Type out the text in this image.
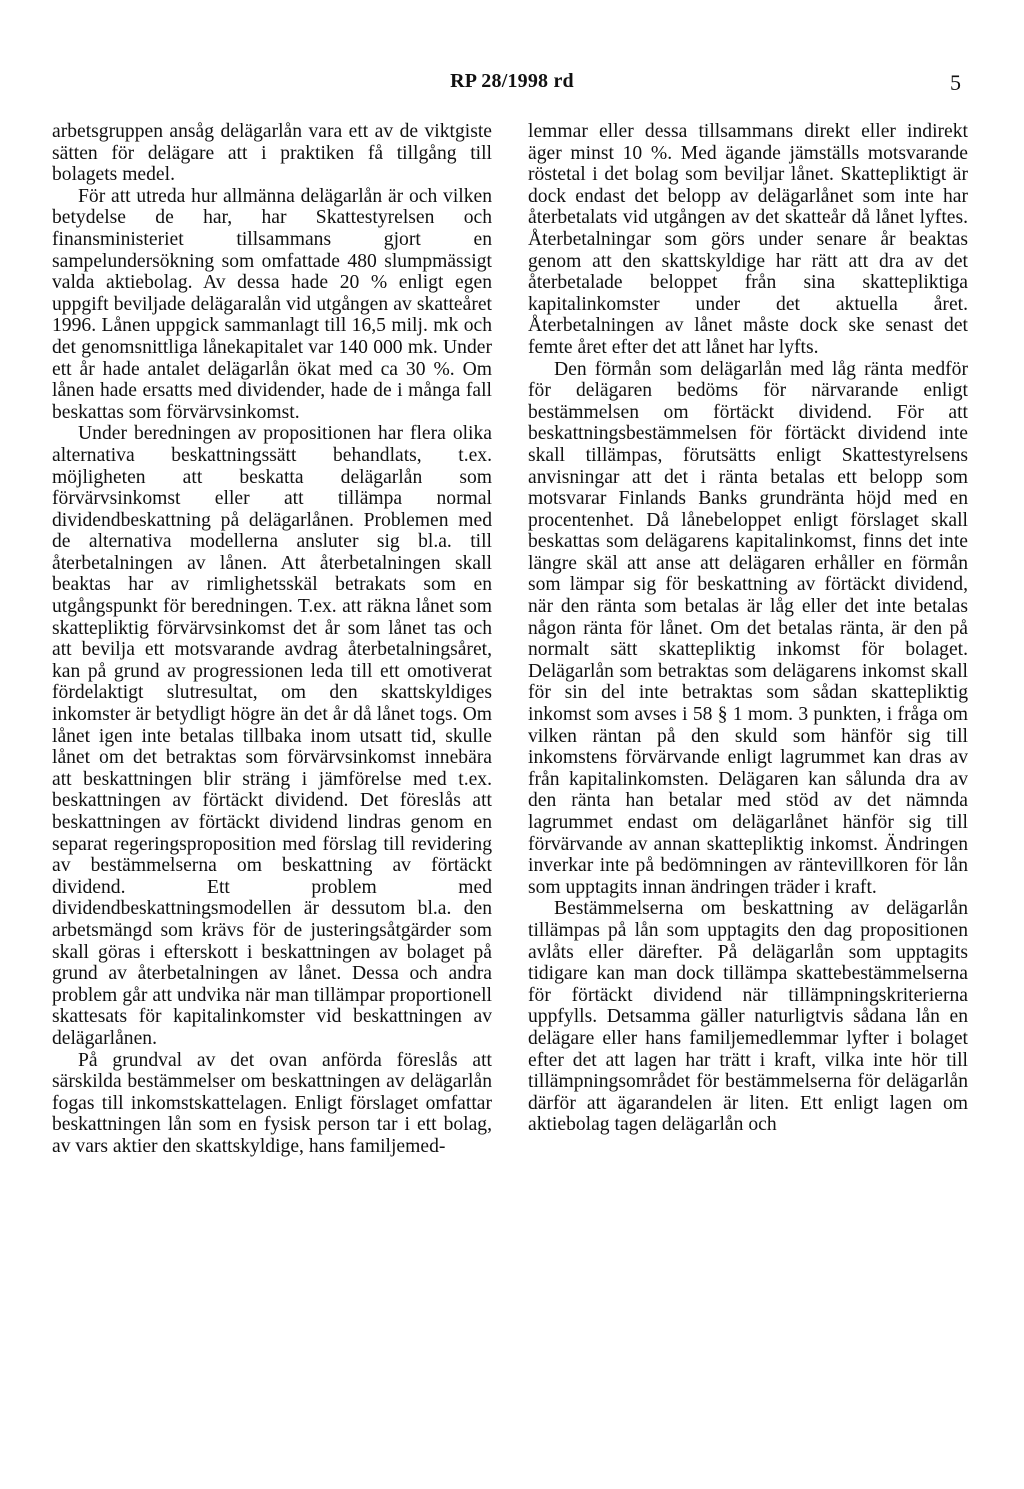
RP 28/1998 rd	5

arbetsgruppen ansåg delägarlån vara ett av de viktgiste sätten för delägare att i praktiken få tillgång till bolagets medel.

För att utreda hur allmänna delägarlån är och vilken betydelse de har, har Skattestyrelsen och finansministeriet tillsammans gjort en sampelundersökning som omfattade 480 slumpmässigt valda aktiebolag. Av dessa hade 20 % enligt egen uppgift beviljade delägaralån vid utgången av skatteåret 1996. Lånen uppgick sammanlagt till 16,5 milj. mk och det genomsnittliga lånekapitalet var 140 000 mk. Under ett år hade antalet delägarlån ökat med ca 30 %. Om lånen hade ersatts med dividender, hade de i många fall beskattas som förvärvsinkomst.

Under beredningen av propositionen har flera olika alternativa beskattningssätt behandlats, t.ex. möjligheten att beskatta delägarlån som förvärvsinkomst eller att tillämpa normal dividendbeskattning på delägarlånen. Problemen med de alternativa modellerna ansluter sig bl.a. till återbetalningen av lånen. Att återbetalningen skall beaktas har av rimlighetsskäl betrakats som en utgångspunkt för beredningen. T.ex. att räkna lånet som skattepliktig förvärvsinkomst det år som lånet tas och att bevilja ett motsvarande avdrag återbetalningsåret, kan på grund av progressionen leda till ett omotiverat fördelaktigt slutresultat, om den skattskyldiges inkomster är betydligt högre än det år då lånet togs. Om lånet igen inte betalas tillbaka inom utsatt tid, skulle lånet om det betraktas som förvärvsinkomst innebära att beskattningen blir sträng i jämförelse med t.ex. beskattningen av förtäckt dividend. Det föreslås att beskattningen av förtäckt dividend lindras genom en separat regeringsproposition med förslag till revidering av bestämmelserna om beskattning av förtäckt dividend. Ett problem med dividendbeskattningsmodellen är dessutom bl.a. den arbetsmängd som krävs för de justeringsåtgärder som skall göras i efterskott i beskattningen av bolaget på grund av återbetalningen av lånet. Dessa och andra problem går att undvika när man tillämpar proportionell skattesats för kapitalinkomster vid beskattningen av delägarlånen.

På grundval av det ovan anförda föreslås att särskilda bestämmelser om beskattningen av delägarlån fogas till inkomstskattelagen. Enligt förslaget omfattar beskattningen lån som en fysisk person tar i ett bolag, av vars aktier den skattskyldige, hans familjemed-

lemmar eller dessa tillsammans direkt eller indirekt äger minst 10 %. Med ägande jämställs motsvarande röstetal i det bolag som beviljar lånet. Skattepliktigt är dock endast det belopp av delägarlånet som inte har återbetalats vid utgången av det skatteår då lånet lyftes. Återbetalningar som görs under senare år beaktas genom att den skattskyldige har rätt att dra av det återbetalade beloppet från sina skattepliktiga kapitalinkomster under det aktuella året. Återbetalningen av lånet måste dock ske senast det femte året efter det att lånet har lyfts.

Den förmån som delägarlån med låg ränta medför för delägaren bedöms för närvarande enligt bestämmelsen om förtäckt dividend. För att beskattningsbestämmelsen för förtäckt dividend inte skall tillämpas, förutsätts enligt Skattestyrelsens anvisningar att det i ränta betalas ett belopp som motsvarar Finlands Banks grundränta höjd med en procentenhet. Då lånebeloppet enligt förslaget skall beskattas som delägarens kapitalinkomst, finns det inte längre skäl att anse att delägaren erhåller en förmån som lämpar sig för beskattning av förtäckt dividend, när den ränta som betalas är låg eller det inte betalas någon ränta för lånet. Om det betalas ränta, är den på normalt sätt skattepliktig inkomst för bolaget. Delägarlån som betraktas som delägarens inkomst skall för sin del inte betraktas som sådan skattepliktig inkomst som avses i 58 § 1 mom. 3 punkten, i fråga om vilken räntan på den skuld som hänför sig till inkomstens förvärvande enligt lagrummet kan dras av från kapitalinkomsten. Delägaren kan sålunda dra av den ränta han betalar med stöd av det nämnda lagrummet endast om delägarlånet hänför sig till förvärvande av annan skattepliktig inkomst. Ändringen inverkar inte på bedömningen av räntevillkoren för lån som upptagits innan ändringen träder i kraft.

Bestämmelserna om beskattning av delägarlån tillämpas på lån som upptagits den dag propositionen avlåts eller därefter. På delägarlån som upptagits tidigare kan man dock tillämpa skattebestämmelserna för förtäckt dividend när tillämpningskriterierna uppfylls. Detsamma gäller naturligtvis sådana lån en delägare eller hans familjemedlemmar lyfter i bolaget efter det att lagen har trätt i kraft, vilka inte hör till tillämpningsområdet för bestämmelserna för delägarlån därför att ägarandelen är liten. Ett enligt lagen om aktiebolag tagen delägarlån och
